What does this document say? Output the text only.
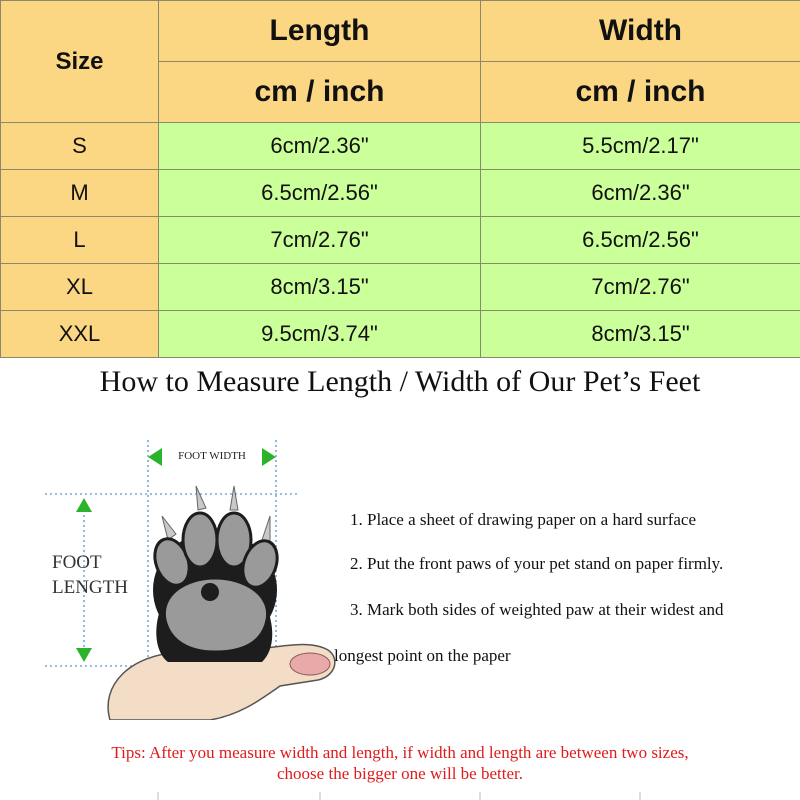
Size	Length	Width
	cm / inch	cm / inch
S	6cm/2.36"	5.5cm/2.17"
M	6.5cm/2.56"	6cm/2.36"
L	7cm/2.76"	6.5cm/2.56"
XL	8cm/3.15"	7cm/2.76"
XXL	9.5cm/3.74"	8cm/3.15"
How to Measure Length / Width of Our Pet’s Feet
FOOT WIDTH
FOOT
LENGTH
1. Place a sheet of drawing paper on a hard surface
2. Put the front paws of your pet stand on paper firmly.
3. Mark both sides of weighted paw at their widest and
longest point on the paper
Tips: After you measure width and length, if width and length are between two sizes,
choose the bigger one will be better.
